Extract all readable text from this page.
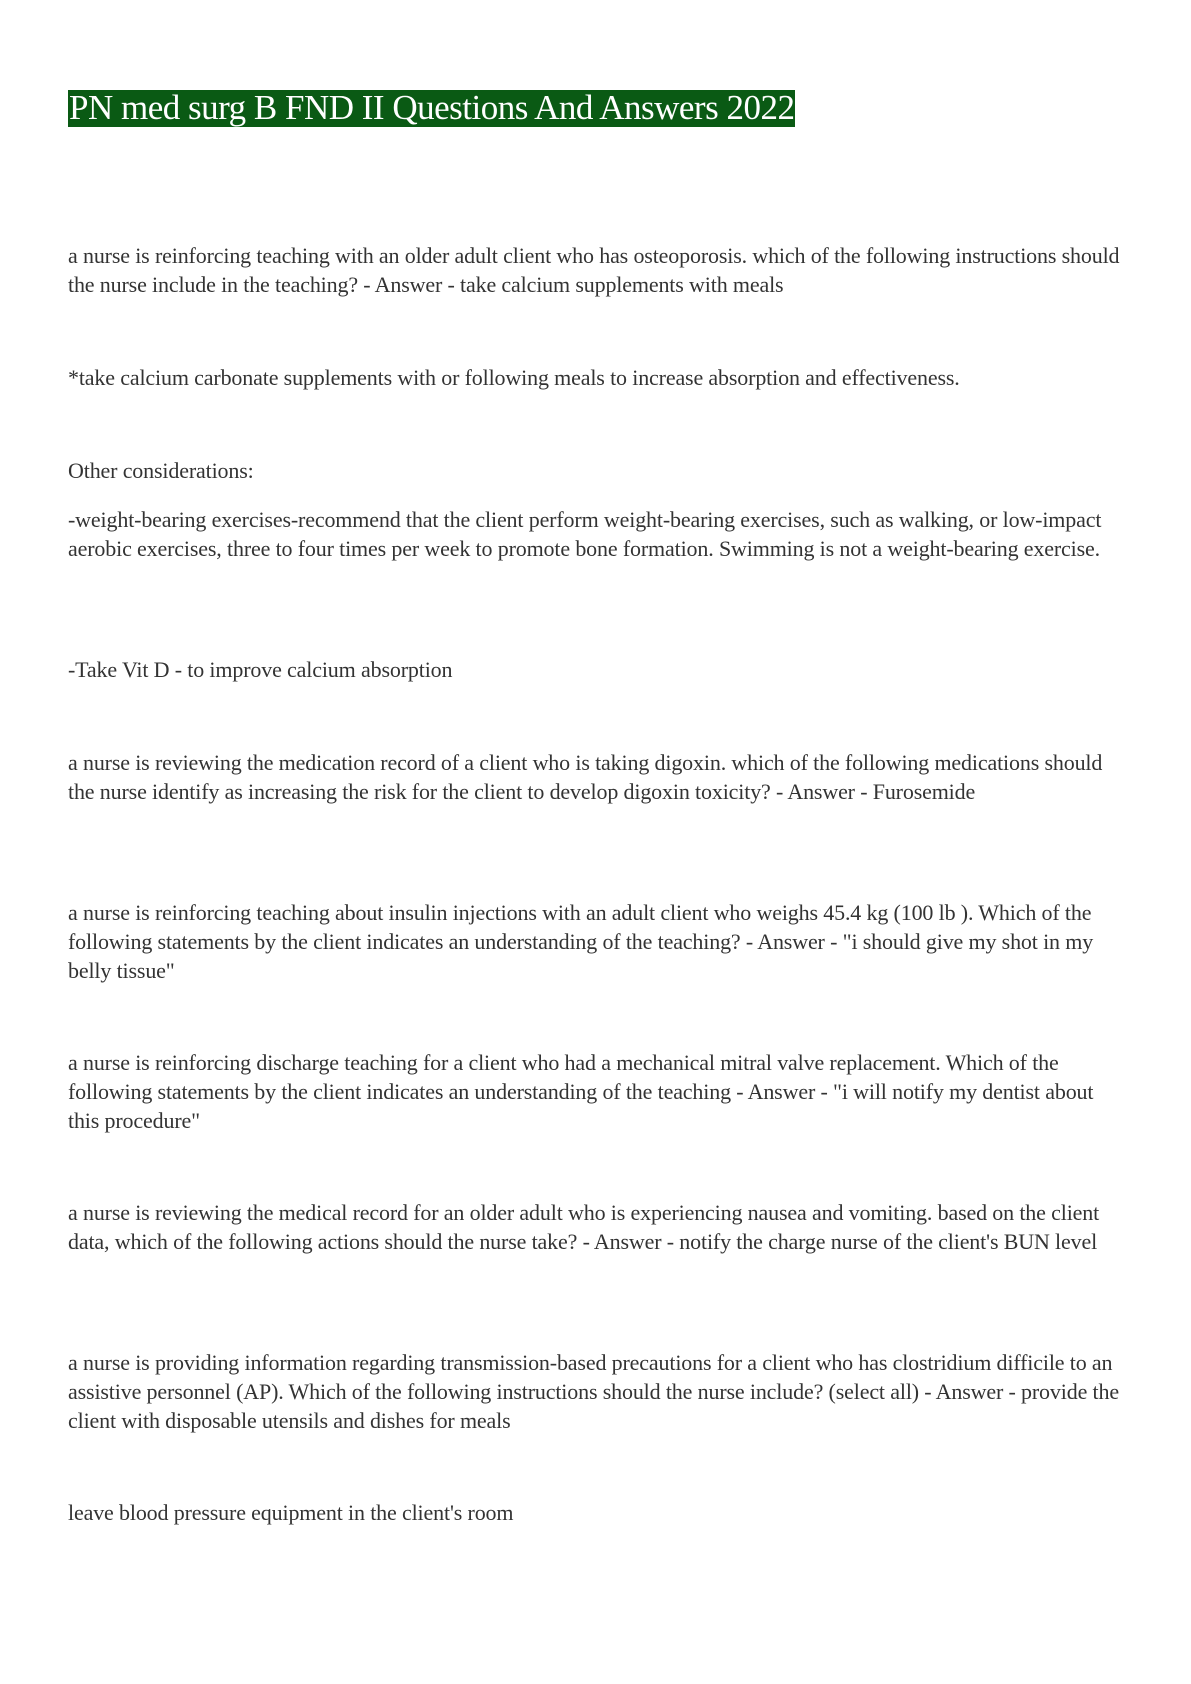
PN med surg B FND II Questions And Answers 2022

a nurse is reinforcing teaching with an older adult client who has osteoporosis. which of the following instructions should the nurse include in the teaching? - Answer - take calcium supplements with meals

*take calcium carbonate supplements with or following meals to increase absorption and effectiveness.

Other considerations:

-weight-bearing exercises-recommend that the client perform weight-bearing exercises, such as walking, or low-impact aerobic exercises, three to four times per week to promote bone formation. Swimming is not a weight-bearing exercise.

-Take Vit D - to improve calcium absorption

a nurse is reviewing the medication record of a client who is taking digoxin. which of the following medications should the nurse identify as increasing the risk for the client to develop digoxin toxicity? - Answer - Furosemide

a nurse is reinforcing teaching about insulin injections with an adult client who weighs 45.4 kg (100 lb ). Which of the following statements by the client indicates an understanding of the teaching? - Answer - "i should give my shot in my belly tissue"

a nurse is reinforcing discharge teaching for a client who had a mechanical mitral valve replacement. Which of the following statements by the client indicates an understanding of the teaching - Answer - "i will notify my dentist about this procedure"

a nurse is reviewing the medical record for an older adult who is experiencing nausea and vomiting. based on the client data, which of the following actions should the nurse take? - Answer - notify the charge nurse of the client's BUN level

a nurse is providing information regarding transmission-based precautions for a client who has clostridium difficile to an assistive personnel (AP). Which of the following instructions should the nurse include? (select all) - Answer - provide the client with disposable utensils and dishes for meals

leave blood pressure equipment in the client's room
